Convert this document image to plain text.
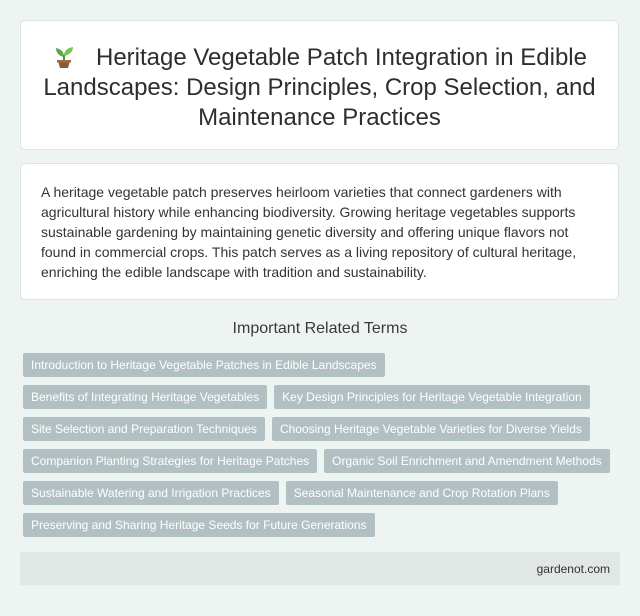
Heritage Vegetable Patch Integration in Edible Landscapes: Design Principles, Crop Selection, and Maintenance Practices

A heritage vegetable patch preserves heirloom varieties that connect gardeners with agricultural history while enhancing biodiversity. Growing heritage vegetables supports sustainable gardening by maintaining genetic diversity and offering unique flavors not found in commercial crops. This patch serves as a living repository of cultural heritage, enriching the edible landscape with tradition and sustainability.

Important Related Terms
Introduction to Heritage Vegetable Patches in Edible Landscapes
Benefits of Integrating Heritage Vegetables	Key Design Principles for Heritage Vegetable Integration
Site Selection and Preparation Techniques	Choosing Heritage Vegetable Varieties for Diverse Yields
Companion Planting Strategies for Heritage Patches	Organic Soil Enrichment and Amendment Methods
Sustainable Watering and Irrigation Practices	Seasonal Maintenance and Crop Rotation Plans
Preserving and Sharing Heritage Seeds for Future Generations
gardenot.com
